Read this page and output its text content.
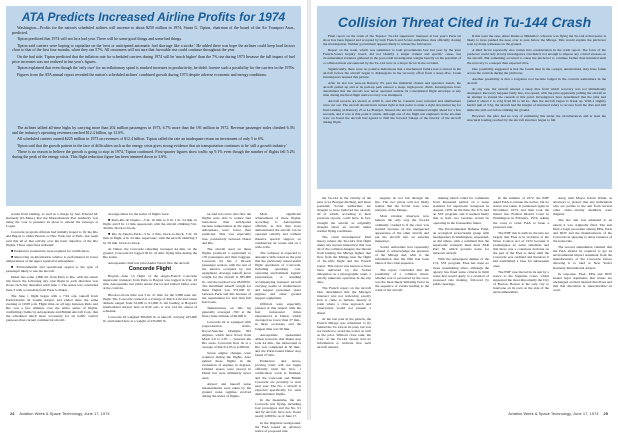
ATA Predicts Increased Airline Profits for 1974

Washington—Profits for the nation's scheduled airlines will increase to about $250 million in 1974, Stuart G. Tipton, chairman of the board of the Air Transport Assn., predicted.

Tipton predicted that 1974 will not be a bad year. There will be some good things and some bad things.

Tipton said carriers were hoping to capitalize on the 'next or anticipated automatic fuel shortage like a stroke.' He added there was hope the airlines could keep load factors close to that of the first four months, when they ran 57%. All customers will not sure that favorable rise could continue throughout the year.

On the bad side, Tipton predicted that the inflation rate for scheduled carriers during 1974 will be 'much higher' than the 7% rise during 1973 because the full impact of fuel price increases was not realized in last year's figures.

Tipton explained that even though the 'only cure' for an inflationary spiral is marked increases in productivity, he didn't foresee such a possibility for the carriers in the 1970s.

Figures from the ATA annual report revealed the nation's scheduled airlines' combined growth during 1973 despite adverse economic and energy conditions.

The airlines tallied all-time highs by carrying more than 202 million passengers in 1973, 6.7% more than the 191 million in 1972. Revenue passenger miles climbed 6.3% and the industry's operating revenues reached $12.4 billion, up 12.6%.

All scheduled carriers earned $225 million in 1973 on revenues of $12.4 billion. Tipton called the rate an inadequate return on investment of only 5 to 6%.

Tipton said that the growth pattern in the face of difficulties such as the energy crisis gives strong evidence that air transportation continues to be 'still a growth industry.'

'There is no reason to believe the growth is going to stop in 1974,' Tipton continued. First-quarter figures show traffic up 9.1% even though the number of flights fell 5.2% during the peak of the energy crisis. This flight reduction figure has been trimmed down to 3.6%.

scrubs from landing, as well as a charge by Sen. Edward M. Kennedy (D.-Mass.) that the Massachusetts Port Authority was using the vote to pressure its pleas to extend the runways at Logan.

Concorde program officials had initially hoped to fly the Rio and Bigots to either Boston or New York, but at Paris, last week said that all of that activity over the basic objective of the Rio flights. Those objectives included:

■ Endurance evaluations were required for certification.

■ Improving an information relative to performance in lower temperatures of the upper equatorial atmosphere.

■ Environmental and operational appeal to the type of passenger likely to use the aircraft.

Dakar lies some 1,800 mi. from Paris to Rio, with the return trip flown the following day. Our flight in each direction was flown each day thereafter until June 1. The series was concluded June 3 with a roundtrip from Paris to Dakar.

The June 1 flight began with a 7:04 a.m. takeoff from Paris/Charles de Gaulle Airport and ended there the same evening at 10:08 p.m. Flight time on all legs between Paris and Rio was a few minutes over the entire series of flights, confirming claims by Aérospatiale and British Aircraft Corp. that the scheduled much more accurately for air traffic control purposes than current commercial aircraft.

Average times for the series of flights were:

■ Paris-Rio de Janeiro—5 hr. 10 min. to 6 hr. 1 hr. 54 min. in flight, and 3 hr. 11 min. supersonic, with the aircraft climbing 3 hr. 39 min. block-to-block.

■ Rio de Janeiro-Paris—5 hr. 2 min. block-to-block, 3 hr. 16 min. in flight, 4 hr. 24 min. supersonic, with the aircraft climbing 3 hr. 59 min. block-to-block.

At Dakar, the Concorde refueling averaged 44 min. on the ground. Concorde 02 logged 56 hr. 41 min. flying time during the Rio series.

Aérospatiale chief test pilot André Turcat flew the aircraft.

Concorde Flight

Bogotá—June 13 flight of the Anglo-French Concorde supersonic transport from Paris to Bogotá was logged in 9 hr. 43 min. Aérospatiale test pilots Andre Turcat and Gilbert Defer were at the controls.

Block-to-block time was 5 hr. 21 min. for the 5,080 naut. mi. flight. The Concorde cruised at a average of Mach 2.02 and cruise altitude ranged from 52,000 to 61,000 ft. On landing at Bogotá's international Airport here at 8:20 a.m., it was 124 mi. ahead of schedule.

Concorde 02 weighed 385,000 lb. at takeoff, carrying 165,000 lb. and landed here at a weight of 235,000 lb.

tar said ten crews who flew the flights were able to reduce fuel burn-more than anticipated because temperatures in the upper atmosphere were lower than predicted. This was especially true, particularly between Dakar and Rio.

The aircraft used on these flights produced a equivalent to 135 passengers and their baggage. Concorde 02 has a 92-seat passenger section, with the rest of the interior occupied by test equipment. Average takeoff gross weight for the aircraft is 385,000 lb., and the payload was 28,000 lb. The maximum takeoff weight for these flights was 372,000 lb. between Paris and Rio because of the requirement for less than full fuel loads.

Temperatures on this leg generally averaged -76C at the final cruise altitude of 60,000 ft.

Concorde 02 is equipped with preproduction Rolls-Royce/Snecma Olympus 593 engines, which have flown from Mach 2.0 to 2.05 — between the Rio areas. Concorde flew its at a average of Mach 2.05 at 2,280 mi.

Seven engine changes were required during the flights. Also gained these flights in the evaluation of engines in degrees. Limited spares were placed in Dakar but were ultimately never used.

Airport and takeoff noise measurements were taken by the ground noise regimes evolved during the series of flights.

Most significant achievement of these flights, according to Aérospatiale officials, is that they have demonstrated the aircraft can be operated reliably and without massive special support on commercial air routes and on a wide scale.

The company is expected to announce firm orders in the past that the previously unsuccessful flight operations of Concorde, including operating cost, operating environment logistic preparations, or standing accompanying transport aircraft carrying teams of maintenance and support personnel, spare engines and other ground support equipment.

Officials were especially pleased at this respect with the fuel turnaround times experienced at Dakar, which averaged no lower than 37 min., in three occasions, and the longest time was 56 min.

Aérospatiale spokesmen added, however, that Dakar stop took 44 min., the turnaround at Rio was completed in 50 min., and the Paris-bound Dakar stop lasted 27 min.

Endurance and stress-proving trials will not begin officially until the Nov. 1 certification work is finished, and the Concorde and British Concorde are probably to start next year. The No. 1 aircraft is expected specifically for such demonstration flights.

In the meantime, the six Concorde test flying, including four prototypes and the No. 01 and 02 aircraft, have now flown nearly 2,800 hr. as of June 17.

In the litigation background, the FAA issued an advisory notice of proposed rule.

24 Aviation Week & Space Technology, June 17, 1974
Collision Threat Cited in Tu-144 Crash

Final report on the crash of the Tupolev Tu-144 supersonic transport at last year's Paris air show has been figured and accepted by both French and Soviet authorities, thus officially closing the investigation. Neither government appears likely to release the full report.

Report on the crash, which was submitted to both governments late last year by the joint French-Soviet inquiry board, did not identify a single cement and specific cause, but circumstantial evidence gathered in the post-crash investigation weighs heavily on the potential of a collision threat encountered by the Tu-144 crew as a major factor in the accident.

Significantly, there were no positive indications that a mechanical failure had occurred in the aircraft before the aircraft began to disintegrate in the recovery effort from a steep dive. Crash investigators learned this picture.

After its last low pass-up Runway 03, past the industrial chalets and spectator stands, the aircraft pulled up and at its pull-up path entered a steep, high-power climb. Investigators have determined that the aircraft was never operated outside its conventional flight envelope at any time during the final flight until recovery was attempted.

Aircraft records are shown at 4,500 ft. and 230 kt. Canards were retracted and afterburners were cut out. The aircraft should have turned right at that point to enter a right downwind leg for final landing on Runway 25 at Le Bourget. Instead, the aircraft continued straight ahead for a few seconds, and it was at this point it struck, although one of the flight test engineers in the six-man crew on board the aircraft had agreed to film the forward foliage of the interior of the aircraft during flight.

If this were the case, either Rudas or Mikhailov, whoever was flying the Tu-144 at that point, is likely to have pushed the nose over to pass below the Mirage. This would explain the pitchover seen by many witnesses on the ground.

A third factor reportedly also comes into consideration in the crash report. The force of the pushover could only slowly investigators concluded, not enough to impose any critical stresses on the aircraft. But something occurred to cause the pitchover to continue farther than intended until the recovery to a steeper than expected dive.

One possibility suggested is that the fourth man in the cockpit, unrestrained, may have fallen across the controls during the pitchover.

Another possibility is that a forgotten tool became lodged in the controls somewhere in the aircraft.

At any rate, the aircraft entered a steep dive from which recovery was not immediately attempted. Recovery happens fairly late, low-speed, with the pilot apparently pulling the aircraft in an attempt to extend the canards at this point. Investigators have determined that the pilot had pulled it ahead 2 to 2.5g from 80 to 90 kt., then the aircraft began to break up. With a slightly harder pull of 3.5g, the aircraft had the margin of structural safety to recover from the dive and still make the pull-out before striking the ground.

However, the pilot had no way of estimating this under the circumstances and at least the structural loading reached by the aircraft structure began to fail.

the Tu-144 in the vicinity of the pass at Le Bourget ditching, and more potential, Soviet authorities are thought to have believed the aircraft, all of which, according to their previous reports, could have, in fact, brought the aircraft as originally thought about an aircraft under normal flying conditions.

The crash investigators' final theory relates the Tu-144's first flight under any known interaction that was all of the collision dangers, the threats from leading the Mirage fighter that flew from the Mirage near the flight of Tu-144's flight and the French report. This report was known to have been delivered by the Soviet delegation as a photographic team, a wholly unknown operation in the trip data.

The French report on the aircraft later determined that the Mirage's intersect was not reviewing exactly how it came to intrude, merely at point where a close approach and observation would not present a threat.

At the last pass in the pattern, the French Mirage was scheduled to fly behind the Tu-144 on its pass, but was not briefed to avoid the soviet as well as the prior. Without close rank, the crew of the Tu-144 clearly had no information to indicate that such aircraft existed.

engines do not fail through the fire. The two pilots will not likely realize that the Soviet crew were unaware of the Mirage.

Most aviation observers now believe the only way the Tu-144 ordinarily crashed is if the crew was startled because of the unexpected appearance of the other aircraft and put the aircraft into an extreme maneuver.

Soviet authorities had repeatedly refused to acknowledge the presence of the Mirage and, with it, the information that the film had been taken of the crash sequence.

The report concluded that the possibility of a collision threat, whether real or perceived by the crew, was the most likely initiating factor in the sequence of events leading to the crash of the aircraft.

making which called for comments from interested parties on a noise standard for supersonic transports in August, 1970. At the time, the U.S. had an SST program, and it seemed likely that at least two versions would be operating in the foreseeable future.

The Environmental Defense Fund, an ecological protectionist group with headquarters in Washington, responded, as did others, with a comment that the supersonic transport must meet FAR Part 36, which governs noise for subsonic aircraft.

With the subsequent demise of the U.S. SST program, FAA has done no more notemaking since, although the agency has fixed noise criteria in limit noise that would apply to a revision of proposed rule making, followed by public hearings.

In the summer of 1972, the EDF asked FAA to reissue the notice, but no action was taken. It petitioned again in November, 1973, and then took the matter into Federal District Court in Washington in February, 1974, asking the court to order FAA to issue a proposed rule.

The EDF suit is stalls in the rule are largely that FAA is in violation of the Noise Control Act of 1972 because it promulgates no noise standards and that there was a conscious decision on the part of the FAA to delay until the Concorde was certified and therefore it had established a base for subsequent ones.

The EDF case moved in its suit by a notice to the Supreme Court, which supported the most importantly the City of Boston. Boston is the only city to intervene on its own on the side of the environmentalists.

along with Mayor Kevin White, as attorneys to protect that any individuals who are parties to the suit from several other cities—mostly members were litigants.

The law suit was amended to an extent it was originally filed. The suit filed a legal precedent among EPA, FAA and DOT and the manufacturers of the Concorde in agreeing to delay issuance of the noise rule.

The second amendment claimed that the FAA should be required to get an environmental impact statement from the manufacturers of the Concorde before allowing it to land at New York's Kennedy International Airport.

In response, FAA, EPA and DOT issued legal arguments that issues are unchanged on their internal directives and that this discretion is 'unreviewable' in court.

Aviation Week & Space Technology, June 17, 1974 25
